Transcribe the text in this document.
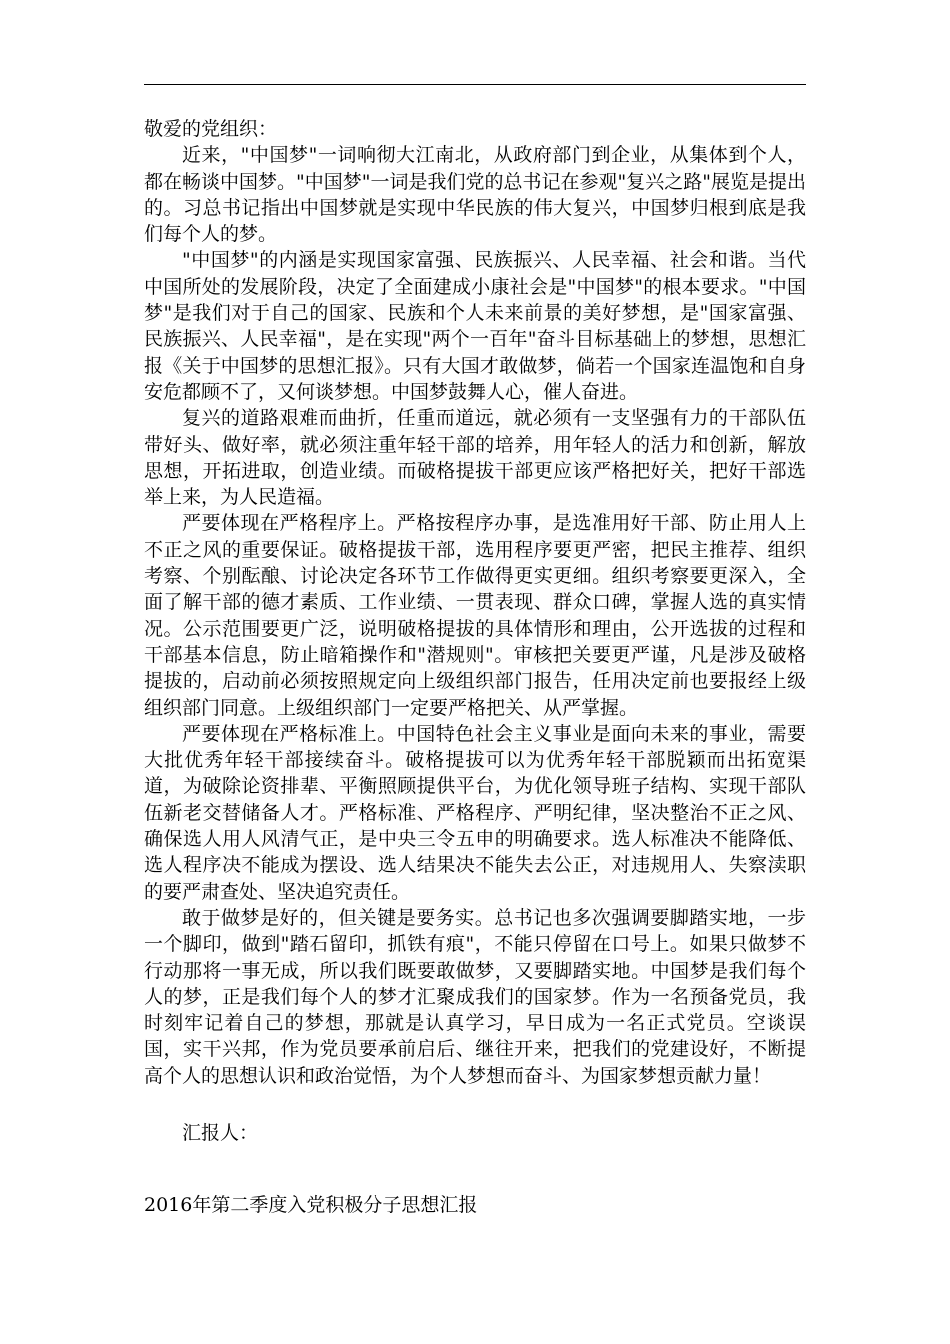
敬爱的党组织：

近来，"中国梦"一词响彻大江南北，从政府部门到企业，从集体到个人，都在畅谈中国梦。"中国梦"一词是我们党的总书记在参观"复兴之路"展览是提出的。习总书记指出中国梦就是实现中华民族的伟大复兴，中国梦归根到底是我们每个人的梦。

"中国梦"的内涵是实现国家富强、民族振兴、人民幸福、社会和谐。当代中国所处的发展阶段，决定了全面建成小康社会是"中国梦"的根本要求。"中国梦"是我们对于自己的国家、民族和个人未来前景的美好梦想，是"国家富强、民族振兴、人民幸福"，是在实现"两个一百年"奋斗目标基础上的梦想，思想汇报《关于中国梦的思想汇报》。只有大国才敢做梦，倘若一个国家连温饱和自身安危都顾不了，又何谈梦想。中国梦鼓舞人心，催人奋进。

复兴的道路艰难而曲折，任重而道远，就必须有一支坚强有力的干部队伍带好头、做好率，就必须注重年轻干部的培养，用年轻人的活力和创新，解放思想，开拓进取，创造业绩。而破格提拔干部更应该严格把好关，把好干部选举上来，为人民造福。

严要体现在严格程序上。严格按程序办事，是选准用好干部、防止用人上不正之风的重要保证。破格提拔干部，选用程序要更严密，把民主推荐、组织考察、个别酝酿、讨论决定各环节工作做得更实更细。组织考察要更深入，全面了解干部的德才素质、工作业绩、一贯表现、群众口碑，掌握人选的真实情况。公示范围要更广泛，说明破格提拔的具体情形和理由，公开选拔的过程和干部基本信息，防止暗箱操作和"潜规则"。审核把关要更严谨，凡是涉及破格提拔的，启动前必须按照规定向上级组织部门报告，任用决定前也要报经上级组织部门同意。上级组织部门一定要严格把关、从严掌握。

严要体现在严格标准上。中国特色社会主义事业是面向未来的事业，需要大批优秀年轻干部接续奋斗。破格提拔可以为优秀年轻干部脱颖而出拓宽渠道，为破除论资排辈、平衡照顾提供平台，为优化领导班子结构、实现干部队伍新老交替储备人才。严格标准、严格程序、严明纪律，坚决整治不正之风、确保选人用人风清气正，是中央三令五申的明确要求。选人标准决不能降低、选人程序决不能成为摆设、选人结果决不能失去公正，对违规用人、失察渎职的要严肃查处、坚决追究责任。

敢于做梦是好的，但关键是要务实。总书记也多次强调要脚踏实地，一步一个脚印，做到"踏石留印，抓铁有痕"，不能只停留在口号上。如果只做梦不行动那将一事无成，所以我们既要敢做梦，又要脚踏实地。中国梦是我们每个人的梦，正是我们每个人的梦才汇聚成我们的国家梦。作为一名预备党员，我时刻牢记着自己的梦想，那就是认真学习，早日成为一名正式党员。空谈误国，实干兴邦，作为党员要承前启后、继往开来，把我们的党建设好，不断提高个人的思想认识和政治觉悟，为个人梦想而奋斗、为国家梦想贡献力量！

汇报人：
2016年第二季度入党积极分子思想汇报
